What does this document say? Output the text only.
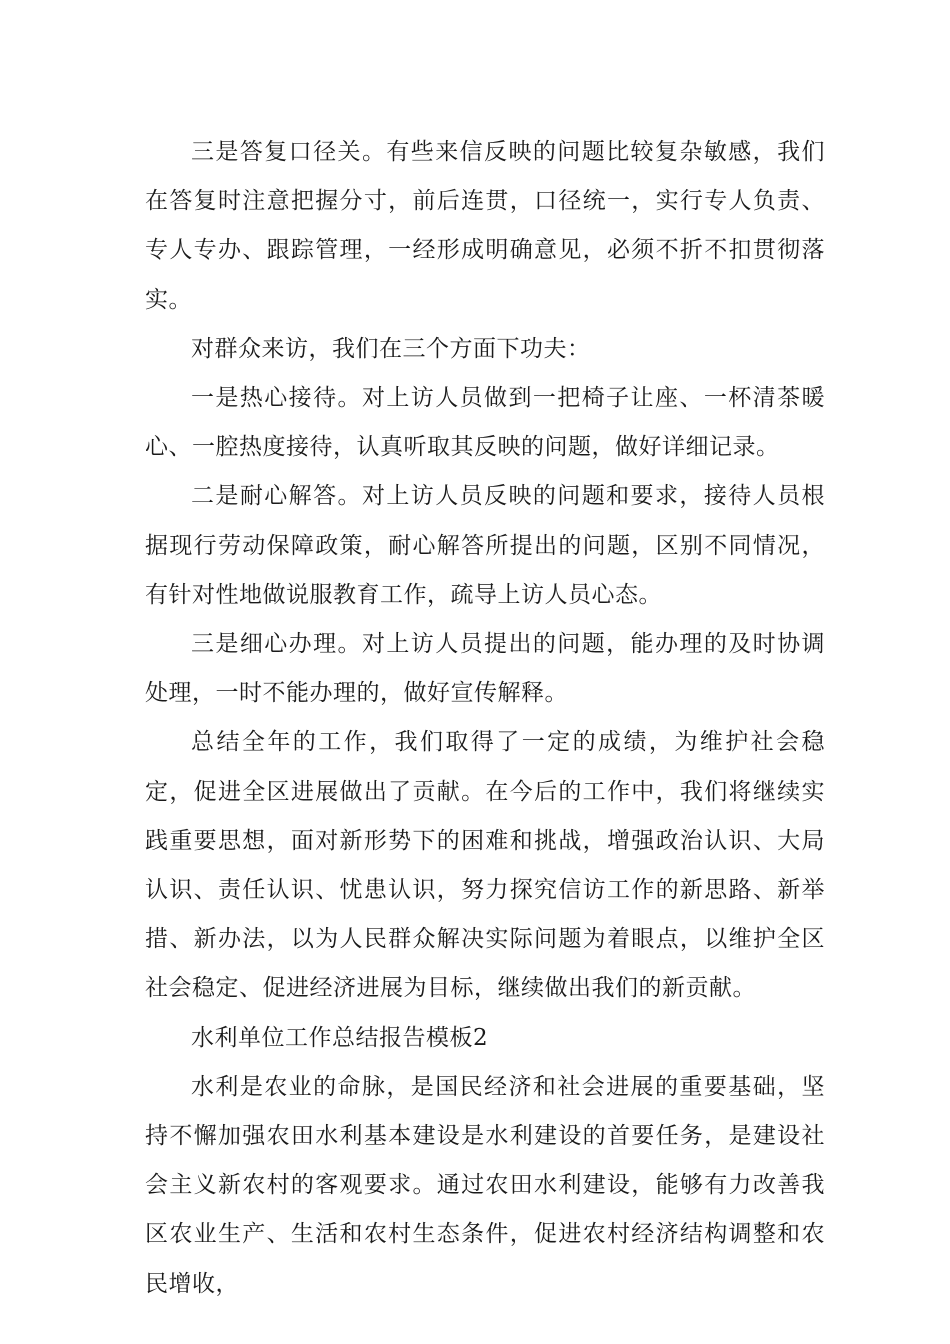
三是答复口径关。有些来信反映的问题比较复杂敏感，我们在答复时注意把握分寸，前后连贯，口径统一，实行专人负责、专人专办、跟踪管理，一经形成明确意见，必须不折不扣贯彻落实。

对群众来访，我们在三个方面下功夫：

一是热心接待。对上访人员做到一把椅子让座、一杯清茶暖心、一腔热度接待，认真听取其反映的问题，做好详细记录。

二是耐心解答。对上访人员反映的问题和要求，接待人员根据现行劳动保障政策，耐心解答所提出的问题，区别不同情况，有针对性地做说服教育工作，疏导上访人员心态。

三是细心办理。对上访人员提出的问题，能办理的及时协调处理，一时不能办理的，做好宣传解释。

总结全年的工作，我们取得了一定的成绩，为维护社会稳定，促进全区进展做出了贡献。在今后的工作中，我们将继续实践重要思想，面对新形势下的困难和挑战，增强政治认识、大局认识、责任认识、忧患认识，努力探究信访工作的新思路、新举措、新办法，以为人民群众解决实际问题为着眼点，以维护全区社会稳定、促进经济进展为目标，继续做出我们的新贡献。

水利单位工作总结报告模板2

水利是农业的命脉，是国民经济和社会进展的重要基础，坚持不懈加强农田水利基本建设是水利建设的首要任务，是建设社会主义新农村的客观要求。通过农田水利建设，能够有力改善我区农业生产、生活和农村生态条件，促进农村经济结构调整和农民增收，
